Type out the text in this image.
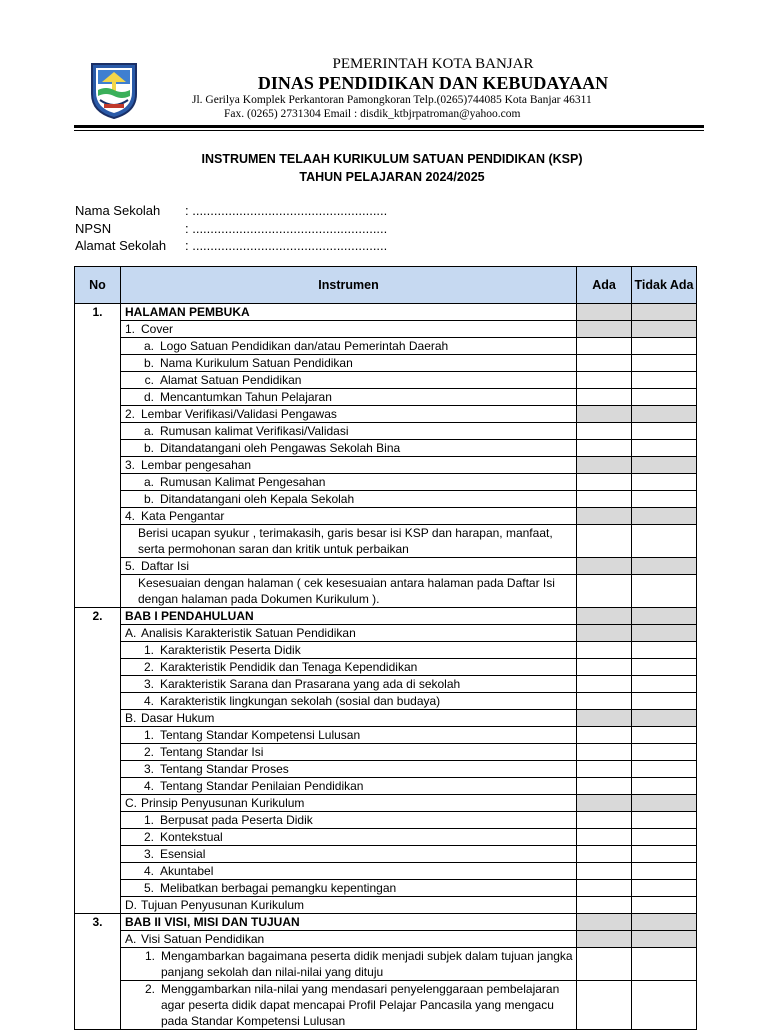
PEMERINTAH KOTA BANJAR
DINAS PENDIDIKAN DAN KEBUDAYAAN
Jl. Gerilya Komplek Perkantoran Pamongkoran Telp.(0265)744085 Kota Banjar 46311
Fax. (0265) 2731304 Email : disdik_ktbjrpatroman@yahoo.com
INSTRUMEN TELAAH KURIKULUM SATUAN PENDIDIKAN (KSP)
TAHUN PELAJARAN 2024/2025
Nama Sekolah	: ......................................................
NPSN	: ......................................................
Alamat Sekolah	: ......................................................
No	Instrumen	Ada	Tidak Ada
1.	HALAMAN PEMBUKA		
	1. Cover		
	a. Logo Satuan Pendidikan dan/atau Pemerintah Daerah		
	b. Nama Kurikulum Satuan Pendidikan		
	c. Alamat Satuan Pendidikan		
	d. Mencantumkan Tahun Pelajaran		
	2. Lembar Verifikasi/Validasi Pengawas		
	a. Rumusan kalimat Verifikasi/Validasi		
	b. Ditandatangani oleh Pengawas Sekolah Bina		
	3. Lembar pengesahan		
	a. Rumusan Kalimat Pengesahan		
	b. Ditandatangani oleh Kepala Sekolah		
	4. Kata Pengantar		
	Berisi ucapan syukur , terimakasih, garis besar isi KSP dan harapan, manfaat, serta permohonan saran dan kritik untuk perbaikan		
	5. Daftar Isi		
	Kesesuaian dengan halaman ( cek kesesuaian antara halaman pada Daftar Isi dengan halaman pada Dokumen Kurikulum ).		
2.	BAB I PENDAHULUAN		
	A. Analisis Karakteristik Satuan Pendidikan		
	1. Karakteristik Peserta Didik		
	2. Karakteristik Pendidik dan Tenaga Kependidikan		
	3. Karakteristik Sarana dan Prasarana yang ada di sekolah		
	4. Karakteristik lingkungan sekolah (sosial dan budaya)		
	B. Dasar Hukum		
	1. Tentang Standar Kompetensi Lulusan		
	2. Tentang Standar Isi		
	3. Tentang Standar Proses		
	4. Tentang Standar Penilaian Pendidikan		
	C. Prinsip Penyusunan Kurikulum		
	1. Berpusat pada Peserta Didik		
	2. Kontekstual		
	3. Esensial		
	4. Akuntabel		
	5. Melibatkan berbagai pemangku kepentingan		
	D. Tujuan Penyusunan Kurikulum		
3.	BAB II VISI, MISI DAN TUJUAN		
	A. Visi Satuan Pendidikan		
	1. Mengambarkan bagaimana peserta didik menjadi subjek dalam tujuan jangka panjang sekolah dan nilai-nilai yang dituju		
	2. Menggambarkan nila-nilai yang mendasari penyelenggaraan pembelajaran agar peserta didik dapat mencapai Profil Pelajar Pancasila yang mengacu pada Standar Kompetensi Lulusan		
